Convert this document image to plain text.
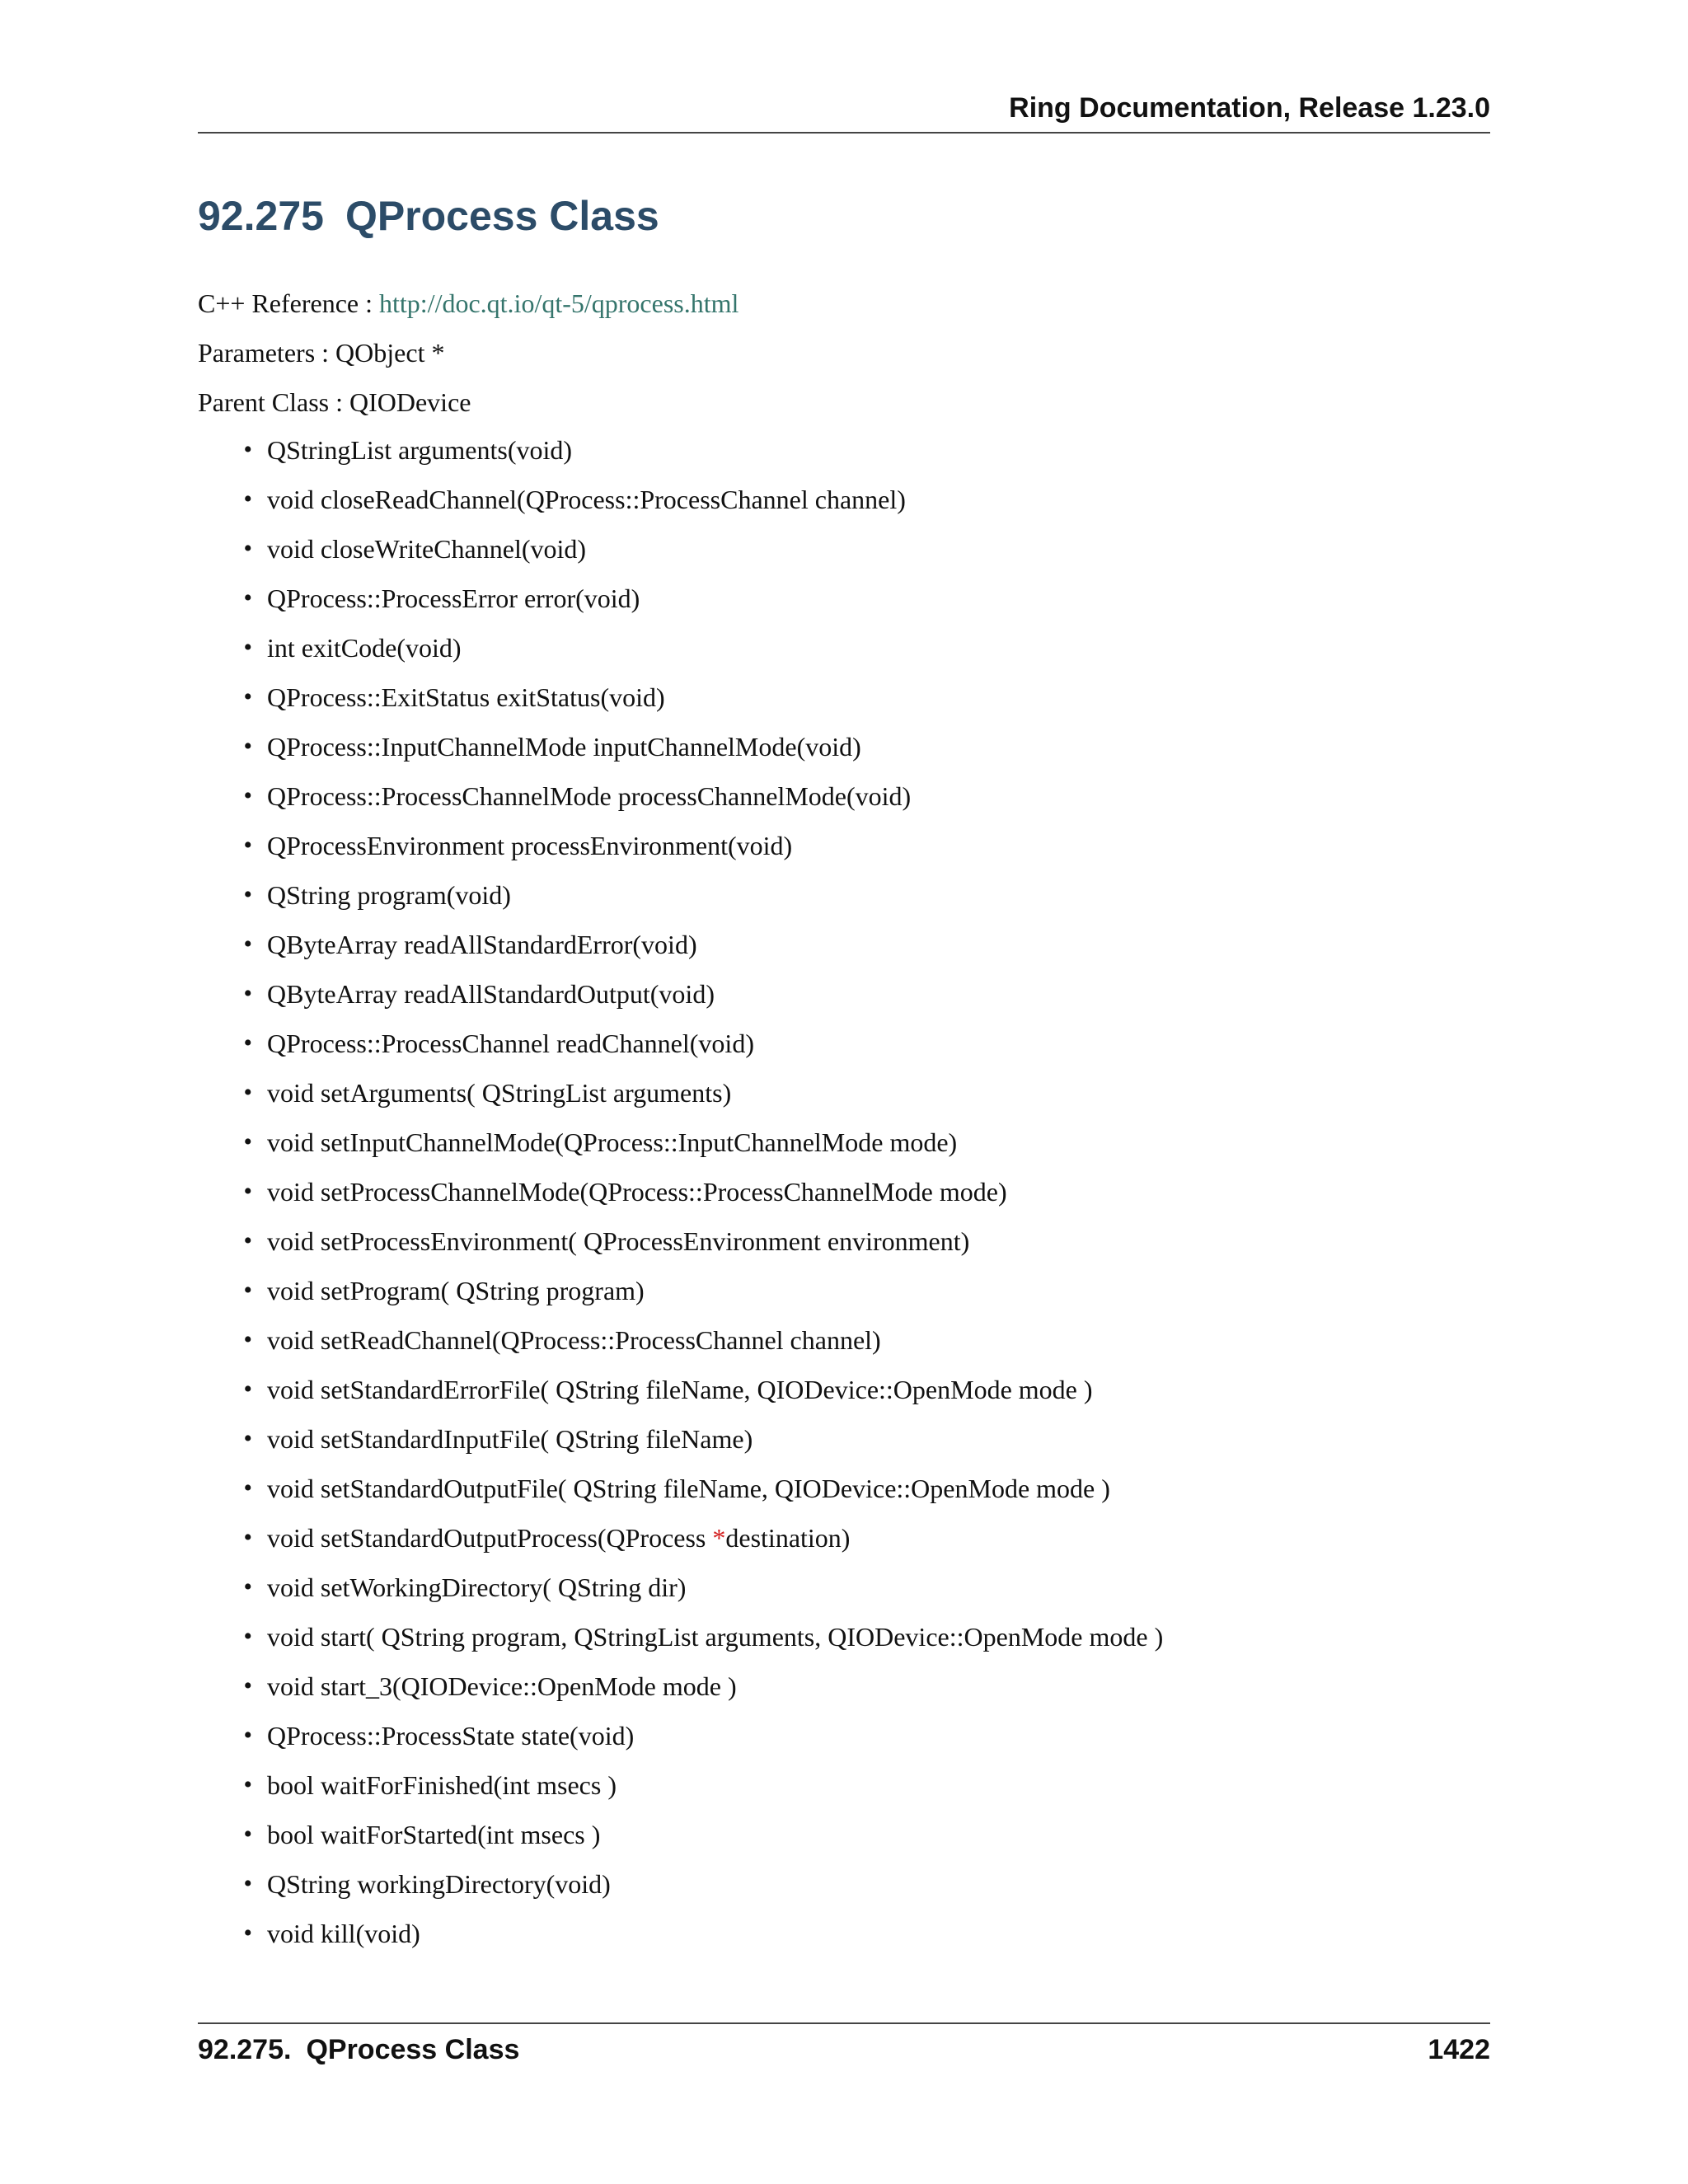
Ring Documentation, Release 1.23.0
92.275 QProcess Class
C++ Reference : http://doc.qt.io/qt-5/qprocess.html
Parameters : QObject *
Parent Class : QIODevice
• QStringList arguments(void)
• void closeReadChannel(QProcess::ProcessChannel channel)
• void closeWriteChannel(void)
• QProcess::ProcessError error(void)
• int exitCode(void)
• QProcess::ExitStatus exitStatus(void)
• QProcess::InputChannelMode inputChannelMode(void)
• QProcess::ProcessChannelMode processChannelMode(void)
• QProcessEnvironment processEnvironment(void)
• QString program(void)
• QByteArray readAllStandardError(void)
• QByteArray readAllStandardOutput(void)
• QProcess::ProcessChannel readChannel(void)
• void setArguments( QStringList arguments)
• void setInputChannelMode(QProcess::InputChannelMode mode)
• void setProcessChannelMode(QProcess::ProcessChannelMode mode)
• void setProcessEnvironment( QProcessEnvironment environment)
• void setProgram( QString program)
• void setReadChannel(QProcess::ProcessChannel channel)
• void setStandardErrorFile( QString fileName, QIODevice::OpenMode mode )
• void setStandardInputFile( QString fileName)
• void setStandardOutputFile( QString fileName, QIODevice::OpenMode mode )
• void setStandardOutputProcess(QProcess *destination)
• void setWorkingDirectory( QString dir)
• void start( QString program, QStringList arguments, QIODevice::OpenMode mode )
• void start_3(QIODevice::OpenMode mode )
• QProcess::ProcessState state(void)
• bool waitForFinished(int msecs )
• bool waitForStarted(int msecs )
• QString workingDirectory(void)
• void kill(void)
92.275. QProcess Class	1422
